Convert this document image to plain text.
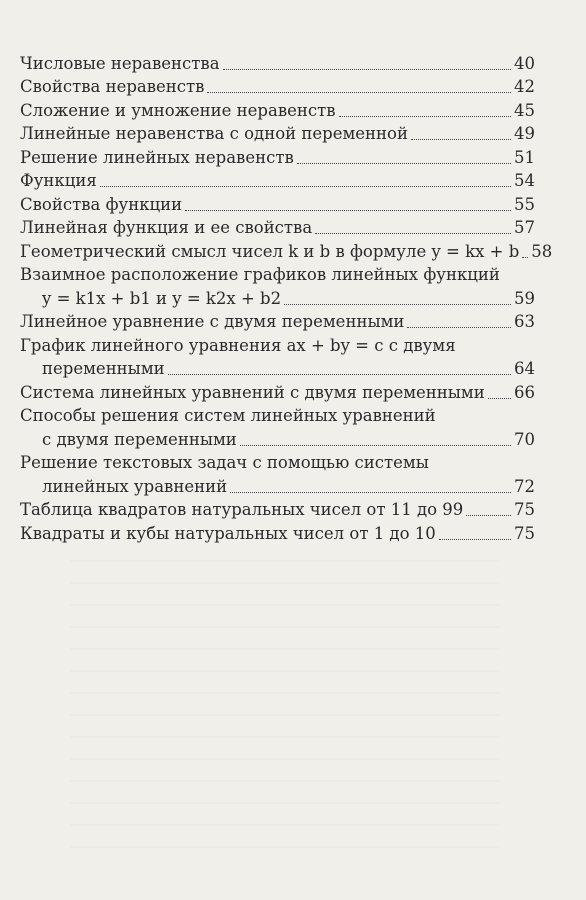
Числовые неравенства	40
Свойства неравенств	42
Сложение и умножение неравенств	45
Линейные неравенства с одной переменной	49
Решение линейных неравенств	51
Функция	54
Свойства функции	55
Линейная функция и ее свойства	57
Геометрический смысл чисел k и b в формуле y = kx + b 58
Взаимное расположение графиков линейных функций
y = k1x + b1 и y = k2x + b2	59
Линейное уравнение с двумя переменными	63
График линейного уравнения ax + by = c с двумя
переменными	64
Система линейных уравнений с двумя переменными 66
Способы решения систем линейных уравнений
с двумя переменными	70
Решение текстовых задач с помощью системы
линейных уравнений	72
Таблица квадратов натуральных чисел от 11 до 99	75
Квадраты и кубы натуральных чисел от 1 до 10	75
